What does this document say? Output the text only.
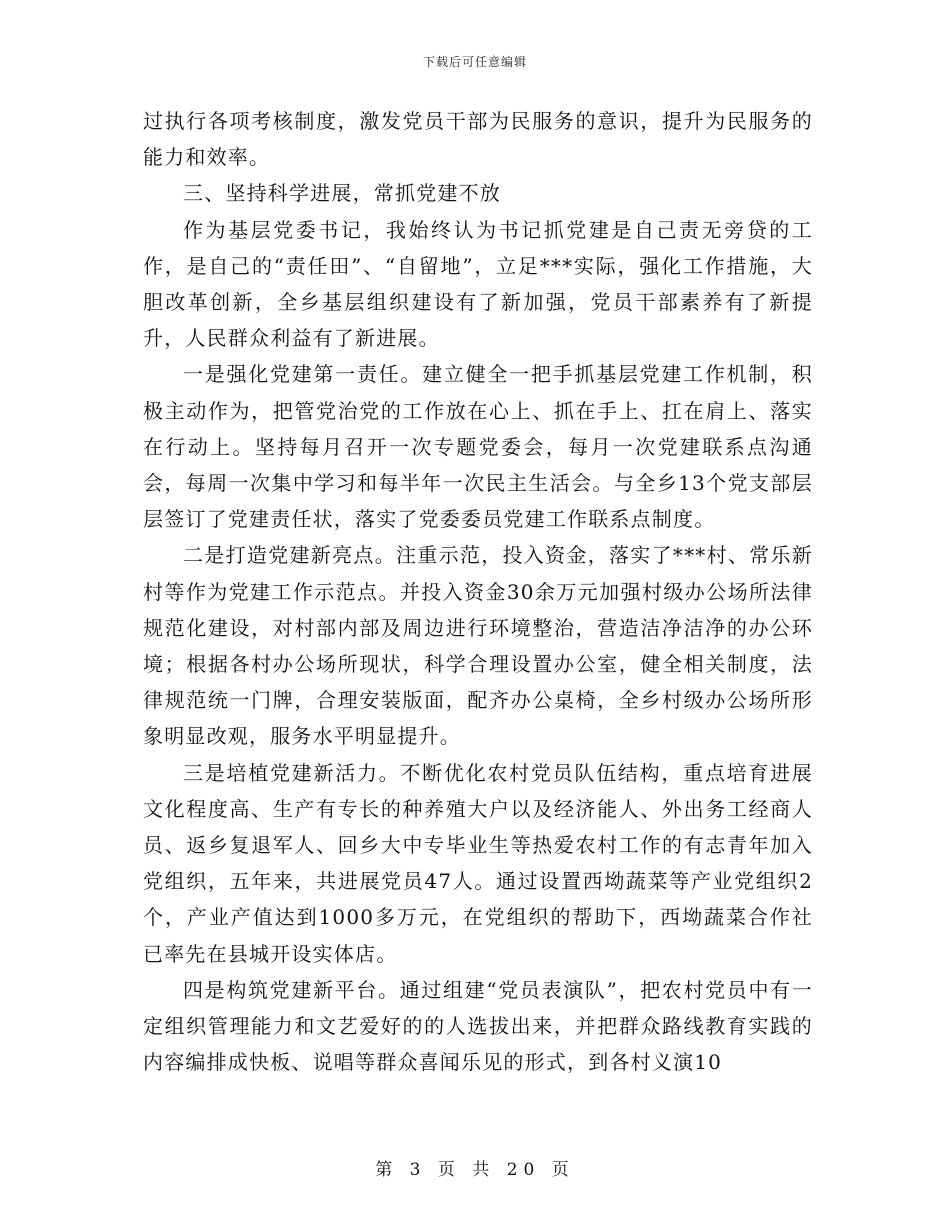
下载后可任意编辑

过执行各项考核制度，激发党员干部为民服务的意识，提升为民服务的能力和效率。

三、坚持科学进展，常抓党建不放

作为基层党委书记，我始终认为书记抓党建是自己责无旁贷的工作，是自己的“责任田”、“自留地”，立足***实际，强化工作措施，大胆改革创新，全乡基层组织建设有了新加强，党员干部素养有了新提升，人民群众利益有了新进展。

一是强化党建第一责任。建立健全一把手抓基层党建工作机制，积极主动作为，把管党治党的工作放在心上、抓在手上、扛在肩上、落实在行动上。坚持每月召开一次专题党委会，每月一次党建联系点沟通会，每周一次集中学习和每半年一次民主生活会。与全乡13个党支部层层签订了党建责任状，落实了党委委员党建工作联系点制度。

二是打造党建新亮点。注重示范，投入资金，落实了***村、常乐新村等作为党建工作示范点。并投入资金30余万元加强村级办公场所法律规范化建设，对村部内部及周边进行环境整治，营造洁净洁净的办公环境；根据各村办公场所现状，科学合理设置办公室，健全相关制度，法律规范统一门牌，合理安装版面，配齐办公桌椅，全乡村级办公场所形象明显改观，服务水平明显提升。

三是培植党建新活力。不断优化农村党员队伍结构，重点培育进展文化程度高、生产有专长的种养殖大户以及经济能人、外出务工经商人员、返乡复退军人、回乡大中专毕业生等热爱农村工作的有志青年加入党组织，五年来，共进展党员47人。通过设置西坳蔬菜等产业党组织2个，产业产值达到1000多万元，在党组织的帮助下，西坳蔬菜合作社已率先在县城开设实体店。

四是构筑党建新平台。通过组建“党员表演队”，把农村党员中有一定组织管理能力和文艺爱好的的人选拔出来，并把群众路线教育实践的内容编排成快板、说唱等群众喜闻乐见的形式，到各村义演10

第 3 页 共 20 页
